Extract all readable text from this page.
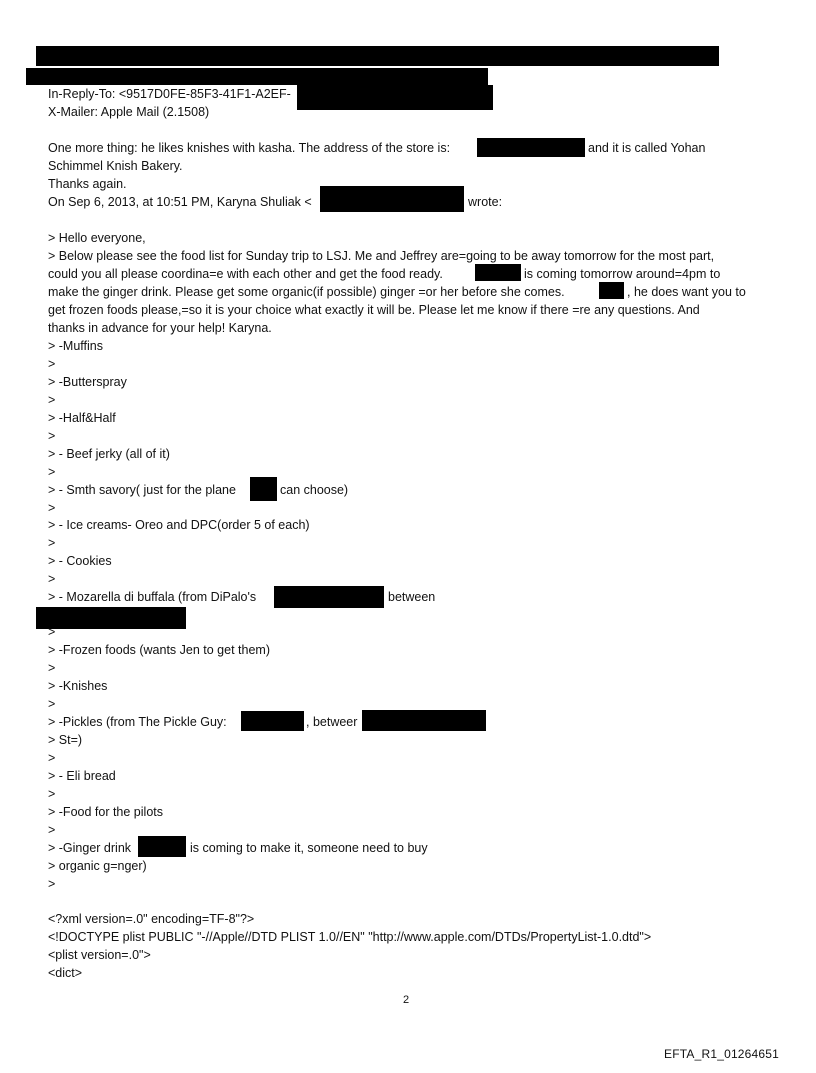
In-Reply-To: <9517D0FE-85F3-41F1-A2EF-
X-Mailer: Apple Mail (2.1508)
One more thing: he likes knishes with kasha. The address of the store is:	and it is called Yohan
Schimmel Knish Bakery.
Thanks again.
On Sep 6, 2013, at 10:51 PM, Karyna Shuliak <	wrote:
> Hello everyone,
> Below please see the food list for Sunday trip to LSJ. Me and Jeffrey are=going to be away tomorrow for the most part,
could you all please coordina=e with each other and get the food ready.	is coming tomorrow around=4pm to
make the ginger drink. Please get some organic(if possible) ginger =or her before she comes.	, he does want you to
get frozen foods please,=so it is your choice what exactly it will be. Please let me know if there =re any questions. And
thanks in advance for your help! Karyna.
> -Muffins
>
> -Butterspray
>
> -Half&Half
>
> - Beef jerky (all of it)
>
> - Smth savory( just for the plane	can choose)
>
> - Ice creams- Oreo and DPC(order 5 of each)
>
> - Cookies
>
> - Mozarella di buffala (from DiPalo's	between
>
> -Frozen foods (wants Jen to get them)
>
> -Knishes
>
> -Pickles (from The Pickle Guy:	, betweer
> St=)
>
> - Eli bread
>
> -Food for the pilots
>
> -Ginger drink	is coming to make it, someone need to buy
> organic g=nger)
>
<?xml version=.0" encoding=TF-8"?>
<!DOCTYPE plist PUBLIC "-//Apple//DTD PLIST 1.0//EN" "http://www.apple.com/DTDs/PropertyList-1.0.dtd">
<plist version=.0">
<dict>
2
EFTA_R1_01264651
